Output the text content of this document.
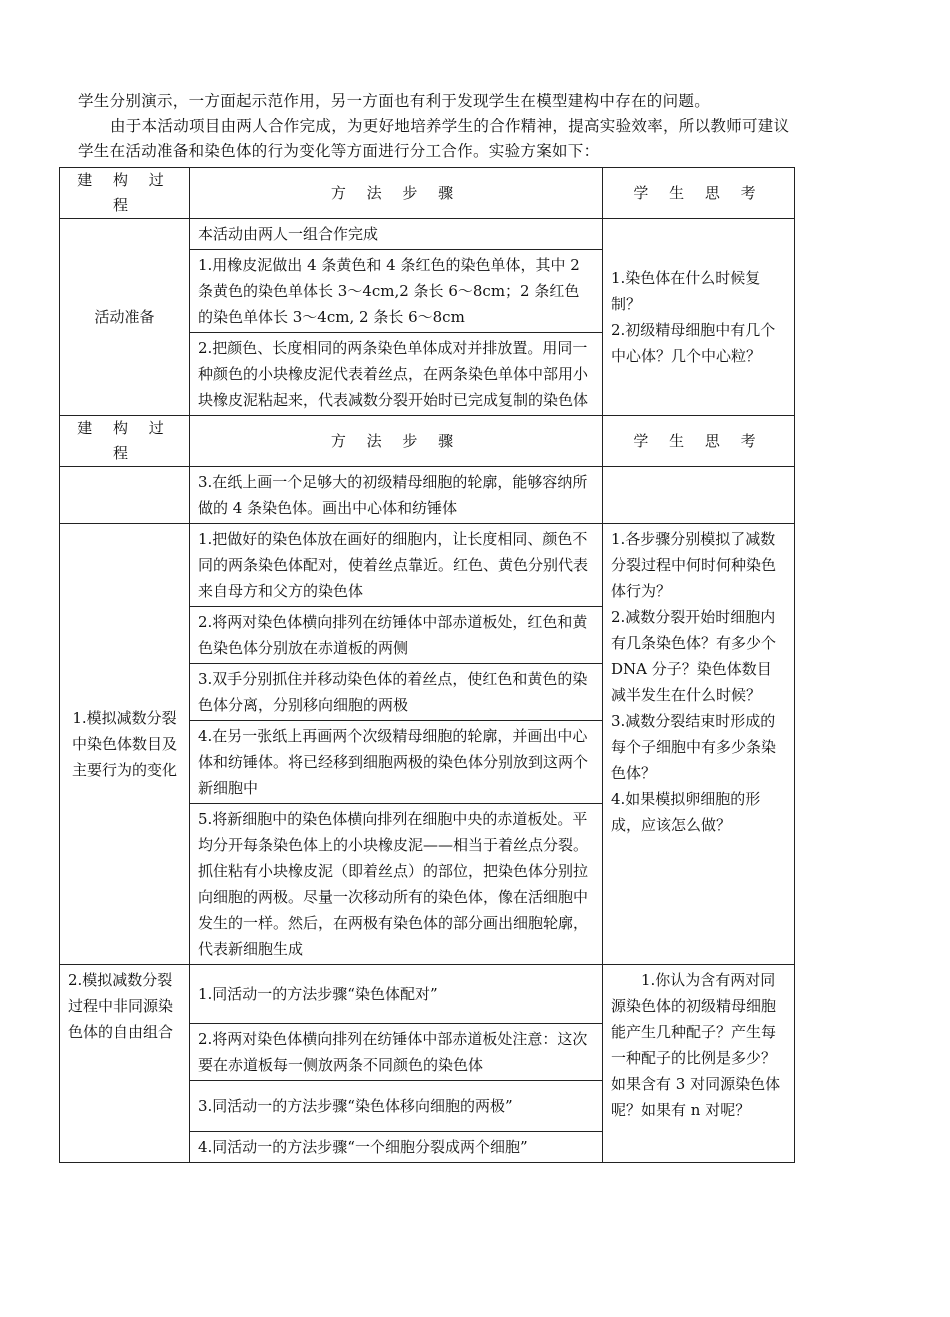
学生分别演示，一方面起示范作用，另一方面也有利于发现学生在模型建构中存在的问题。

由于本活动项目由两人合作完成，为更好地培养学生的合作精神，提高实验效率，所以教师可建议学生在活动准备和染色体的行为变化等方面进行分工合作。实验方案如下：

建 构 过 程	方 法 步 骤	学 生 思 考
活动准备	本活动由两人一组合作完成	1.染色体在什么时候复制？
2.初级精母细胞中有几个中心体？几个中心粒？
	1.用橡皮泥做出 4 条黄色和 4 条红色的染色单体，其中 2 条黄色的染色单体长 3～4cm,2 条长 6～8cm；2 条红色的染色单体长 3～4cm, 2 条长 6～8cm	
	2.把颜色、长度相同的两条染色单体成对并排放置。用同一种颜色的小块橡皮泥代表着丝点，在两条染色单体中部用小块橡皮泥粘起来，代表减数分裂开始时已完成复制的染色体	
建 构 过 程	方 法 步 骤	学 生 思 考
	3.在纸上画一个足够大的初级精母细胞的轮廓，能够容纳所做的 4 条染色体。画出中心体和纺锤体	
1.模拟减数分裂中染色体数目及主要行为的变化	1.把做好的染色体放在画好的细胞内，让长度相同、颜色不同的两条染色体配对，使着丝点靠近。红色、黄色分别代表来自母方和父方的染色体	1.各步骤分别模拟了减数分裂过程中何时何种染色体行为？
2.减数分裂开始时细胞内有几条染色体？有多少个 DNA 分子？染色体数目减半发生在什么时候？
3.减数分裂结束时形成的每个子细胞中有多少条染色体？
4.如果模拟卵细胞的形成，应该怎么做？
	2.将两对染色体横向排列在纺锤体中部赤道板处，红色和黄色染色体分别放在赤道板的两侧	
	3.双手分别抓住并移动染色体的着丝点，使红色和黄色的染色体分离，分别移向细胞的两极	
	4.在另一张纸上再画两个次级精母细胞的轮廓，并画出中心体和纺锤体。将已经移到细胞两极的染色体分别放到这两个新细胞中	
	5.将新细胞中的染色体横向排列在细胞中央的赤道板处。平均分开每条染色体上的小块橡皮泥——相当于着丝点分裂。抓住粘有小块橡皮泥（即着丝点）的部位，把染色体分别拉向细胞的两极。尽量一次移动所有的染色体，像在活细胞中发生的一样。然后，在两极有染色体的部分画出细胞轮廓，代表新细胞生成	
2.模拟减数分裂过程中非同源染色体的自由组合	1.同活动一的方法步骤“染色体配对”	　　1.你认为含有两对同源染色体的初级精母细胞能产生几种配子？产生每一种配子的比例是多少？如果含有 3 对同源染色体呢？如果有 n 对呢？
	2.将两对染色体横向排列在纺锤体中部赤道板处注意：这次要在赤道板每一侧放两条不同颜色的染色体	
	3.同活动一的方法步骤“染色体移向细胞的两极”	
	4.同活动一的方法步骤“一个细胞分裂成两个细胞”	
